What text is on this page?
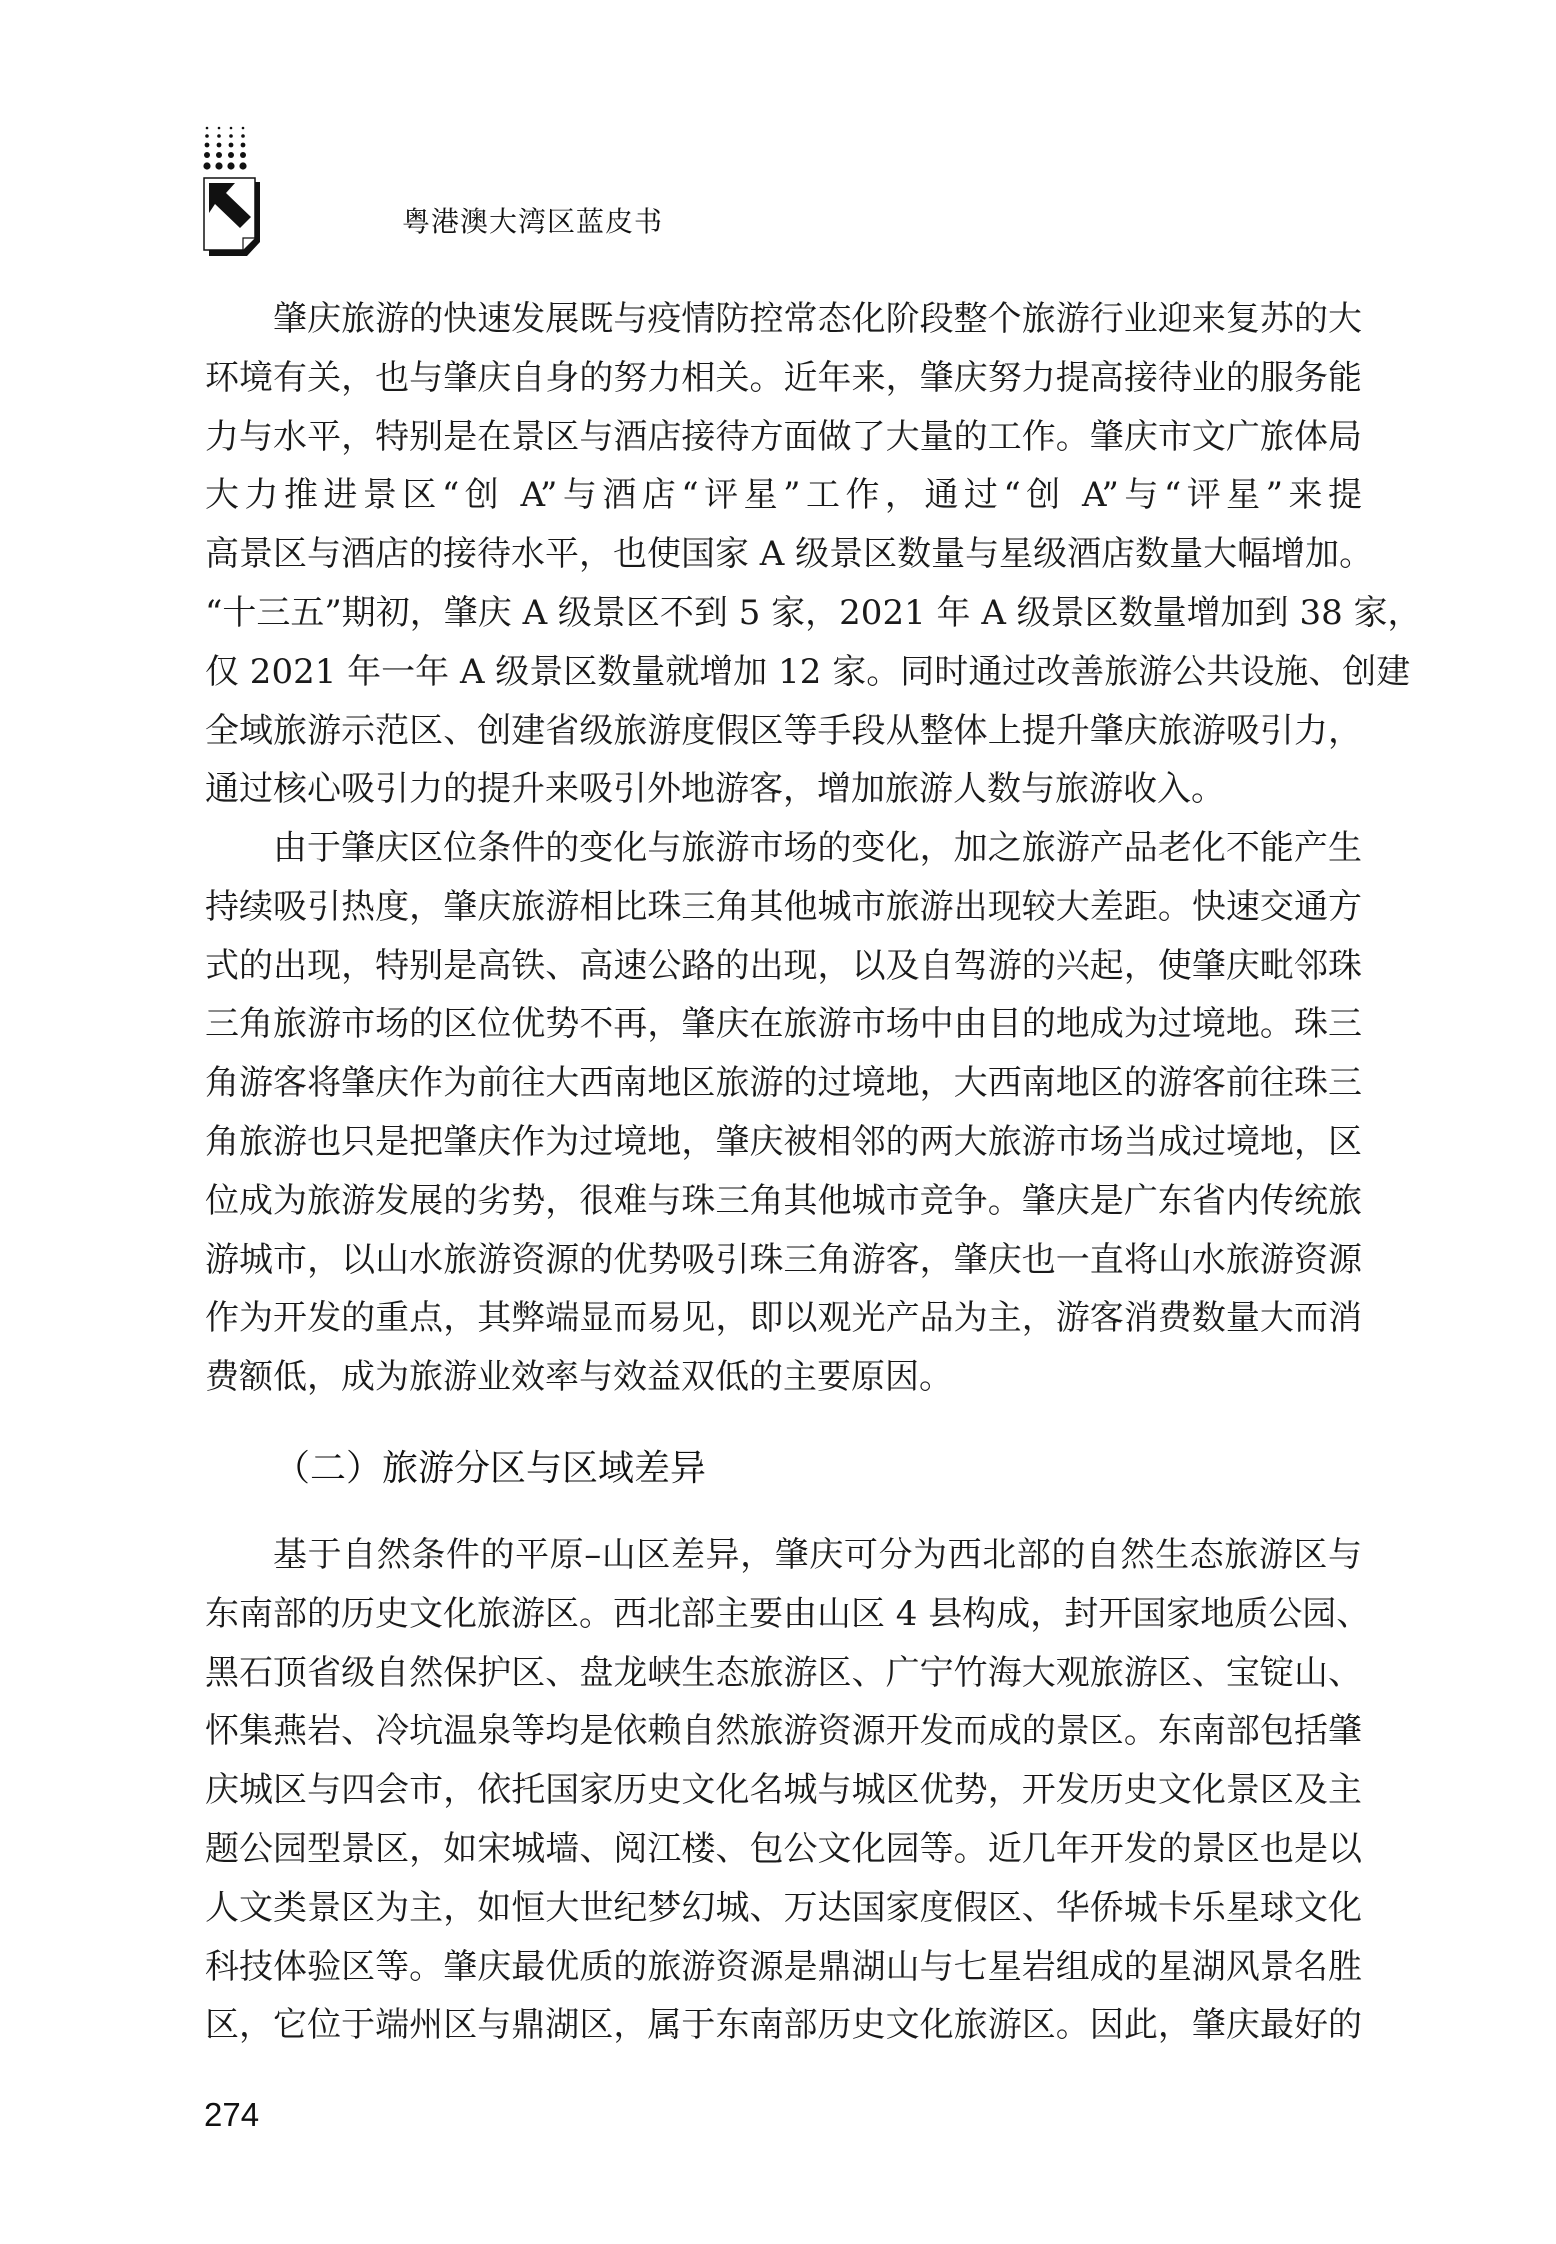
粤港澳大湾区蓝皮书
肇庆旅游的快速发展既与疫情防控常态化阶段整个旅游行业迎来复苏的大
环境有关，也与肇庆自身的努力相关。近年来，肇庆努力提高接待业的服务能
力与水平，特别是在景区与酒店接待方面做了大量的工作。肇庆市文广旅体局
大力推进景区“创 A”与酒店“评星”工作，通过“创 A”与“评星”来提
高景区与酒店的接待水平，也使国家 A 级景区数量与星级酒店数量大幅增加。
“十三五”期初，肇庆 A 级景区不到 5 家，2021 年 A 级景区数量增加到 38 家，
仅 2021 年一年 A 级景区数量就增加 12 家。同时通过改善旅游公共设施、创建
全域旅游示范区、创建省级旅游度假区等手段从整体上提升肇庆旅游吸引力，
通过核心吸引力的提升来吸引外地游客，增加旅游人数与旅游收入。
由于肇庆区位条件的变化与旅游市场的变化，加之旅游产品老化不能产生
持续吸引热度，肇庆旅游相比珠三角其他城市旅游出现较大差距。快速交通方
式的出现，特别是高铁、高速公路的出现，以及自驾游的兴起，使肇庆毗邻珠
三角旅游市场的区位优势不再，肇庆在旅游市场中由目的地成为过境地。珠三
角游客将肇庆作为前往大西南地区旅游的过境地，大西南地区的游客前往珠三
角旅游也只是把肇庆作为过境地，肇庆被相邻的两大旅游市场当成过境地，区
位成为旅游发展的劣势，很难与珠三角其他城市竞争。肇庆是广东省内传统旅
游城市，以山水旅游资源的优势吸引珠三角游客，肇庆也一直将山水旅游资源
作为开发的重点，其弊端显而易见，即以观光产品为主，游客消费数量大而消
费额低，成为旅游业效率与效益双低的主要原因。
（二）旅游分区与区域差异
基于自然条件的平原–山区差异，肇庆可分为西北部的自然生态旅游区与
东南部的历史文化旅游区。西北部主要由山区 4 县构成，封开国家地质公园、
黑石顶省级自然保护区、盘龙峡生态旅游区、广宁竹海大观旅游区、宝锭山、
怀集燕岩、冷坑温泉等均是依赖自然旅游资源开发而成的景区。东南部包括肇
庆城区与四会市，依托国家历史文化名城与城区优势，开发历史文化景区及主
题公园型景区，如宋城墙、阅江楼、包公文化园等。近几年开发的景区也是以
人文类景区为主，如恒大世纪梦幻城、万达国家度假区、华侨城卡乐星球文化
科技体验区等。肇庆最优质的旅游资源是鼎湖山与七星岩组成的星湖风景名胜
区，它位于端州区与鼎湖区，属于东南部历史文化旅游区。因此，肇庆最好的
274
